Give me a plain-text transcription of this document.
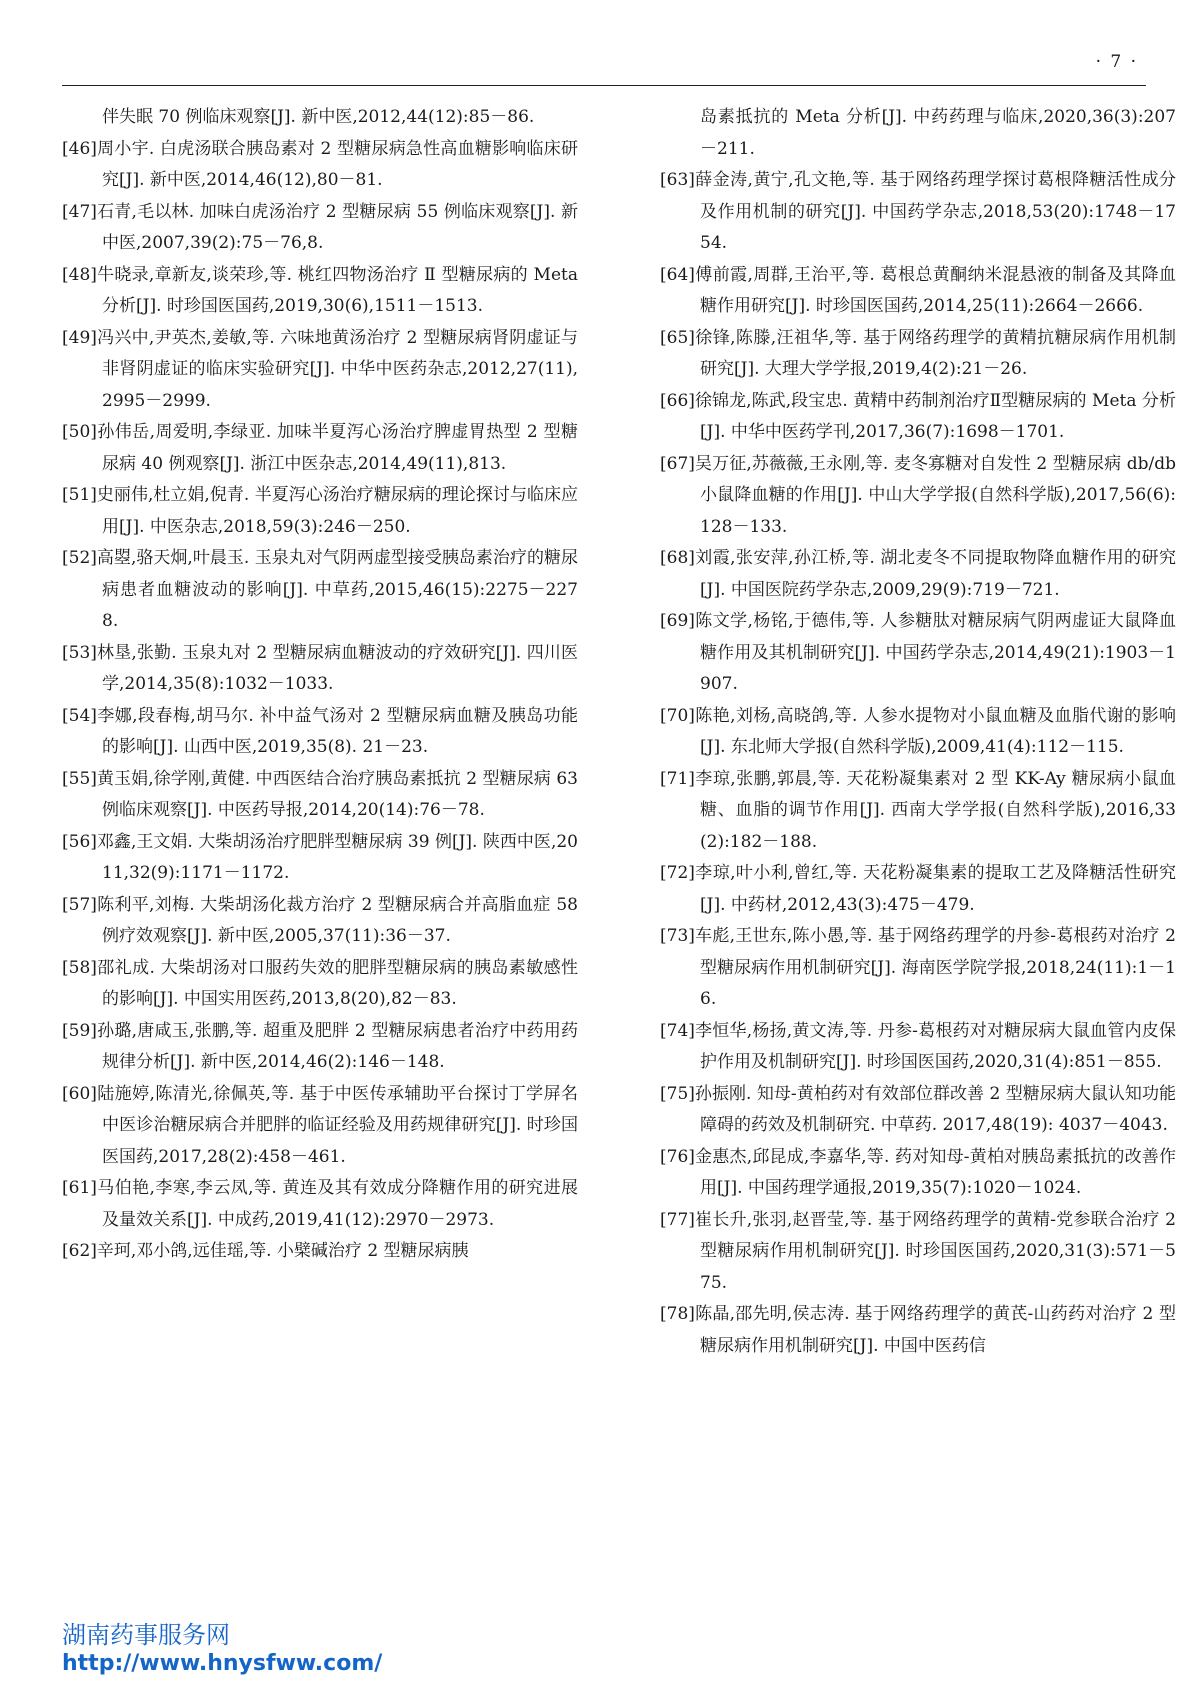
· 7 ·
伴失眠 70 例临床观察[J]. 新中医,2012,44(12):85－86.
[46]周小宇. 白虎汤联合胰岛素对 2 型糖尿病急性高血糖影响临床研究[J]. 新中医,2014,46(12),80－81.
[47]石青,毛以林. 加味白虎汤治疗 2 型糖尿病 55 例临床观察[J]. 新中医,2007,39(2):75－76,8.
[48]牛晓录,章新友,谈荣珍,等. 桃红四物汤治疗 Ⅱ 型糖尿病的 Meta 分析[J]. 时珍国医国药,2019,30(6),1511－1513.
[49]冯兴中,尹英杰,姜敏,等. 六味地黄汤治疗 2 型糖尿病肾阴虚证与非肾阴虚证的临床实验研究[J]. 中华中医药杂志,2012,27(11),2995－2999.
[50]孙伟岳,周爱明,李绿亚. 加味半夏泻心汤治疗脾虚胃热型 2 型糖尿病 40 例观察[J]. 浙江中医杂志,2014,49(11),813.
[51]史丽伟,杜立娟,倪青. 半夏泻心汤治疗糖尿病的理论探讨与临床应用[J]. 中医杂志,2018,59(3):246－250.
[52]高曌,骆天炯,叶晨玉. 玉泉丸对气阴两虚型接受胰岛素治疗的糖尿病患者血糖波动的影响[J]. 中草药,2015,46(15):2275－2278.
[53]林垦,张勤. 玉泉丸对 2 型糖尿病血糖波动的疗效研究[J]. 四川医学,2014,35(8):1032－1033.
[54]李娜,段春梅,胡马尔. 补中益气汤对 2 型糖尿病血糖及胰岛功能的影响[J]. 山西中医,2019,35(8). 21－23.
[55]黄玉娟,徐学刚,黄健. 中西医结合治疗胰岛素抵抗 2 型糖尿病 63 例临床观察[J]. 中医药导报,2014,20(14):76－78.
[56]邓鑫,王文娟. 大柴胡汤治疗肥胖型糖尿病 39 例[J]. 陕西中医,2011,32(9):1171－1172.
[57]陈利平,刘梅. 大柴胡汤化裁方治疗 2 型糖尿病合并高脂血症 58 例疗效观察[J]. 新中医,2005,37(11):36－37.
[58]邵礼成. 大柴胡汤对口服药失效的肥胖型糖尿病的胰岛素敏感性的影响[J]. 中国实用医药,2013,8(20),82－83.
[59]孙璐,唐咸玉,张鹏,等. 超重及肥胖 2 型糖尿病患者治疗中药用药规律分析[J]. 新中医,2014,46(2):146－148.
[60]陆施婷,陈清光,徐佩英,等. 基于中医传承辅助平台探讨丁学屏名中医诊治糖尿病合并肥胖的临证经验及用药规律研究[J]. 时珍国医国药,2017,28(2):458－461.
[61]马伯艳,李寒,李云凤,等. 黄连及其有效成分降糖作用的研究进展及量效关系[J]. 中成药,2019,41(12):2970－2973.
[62]辛珂,邓小鸽,远佳瑶,等. 小檗碱治疗 2 型糖尿病胰
岛素抵抗的 Meta 分析[J]. 中药药理与临床,2020,36(3):207－211.
[63]薛金涛,黄宁,孔文艳,等. 基于网络药理学探讨葛根降糖活性成分及作用机制的研究[J]. 中国药学杂志,2018,53(20):1748－1754.
[64]傅前霞,周群,王治平,等. 葛根总黄酮纳米混悬液的制备及其降血糖作用研究[J]. 时珍国医国药,2014,25(11):2664－2666.
[65]徐锋,陈滕,汪祖华,等. 基于网络药理学的黄精抗糖尿病作用机制研究[J]. 大理大学学报,2019,4(2):21－26.
[66]徐锦龙,陈武,段宝忠. 黄精中药制剂治疗Ⅱ型糖尿病的 Meta 分析[J]. 中华中医药学刊,2017,36(7):1698－1701.
[67]吴万征,苏薇薇,王永刚,等. 麦冬寡糖对自发性 2 型糖尿病 db/db 小鼠降血糖的作用[J]. 中山大学学报(自然科学版),2017,56(6):128－133.
[68]刘霞,张安萍,孙江桥,等. 湖北麦冬不同提取物降血糖作用的研究[J]. 中国医院药学杂志,2009,29(9):719－721.
[69]陈文学,杨铭,于德伟,等. 人参糖肽对糖尿病气阴两虚证大鼠降血糖作用及其机制研究[J]. 中国药学杂志,2014,49(21):1903－1907.
[70]陈艳,刘杨,高晓鸽,等. 人参水提物对小鼠血糖及血脂代谢的影响[J]. 东北师大学报(自然科学版),2009,41(4):112－115.
[71]李琼,张鹏,郭晨,等. 天花粉凝集素对 2 型 KK-Ay 糖尿病小鼠血糖、血脂的调节作用[J]. 西南大学学报(自然科学版),2016,33(2):182－188.
[72]李琼,叶小利,曾红,等. 天花粉凝集素的提取工艺及降糖活性研究[J]. 中药材,2012,43(3):475－479.
[73]车彪,王世东,陈小愚,等. 基于网络药理学的丹参-葛根药对治疗 2 型糖尿病作用机制研究[J]. 海南医学院学报,2018,24(11):1－16.
[74]李恒华,杨扬,黄文涛,等. 丹参-葛根药对对糖尿病大鼠血管内皮保护作用及机制研究[J]. 时珍国医国药,2020,31(4):851－855.
[75]孙振刚. 知母-黄柏药对有效部位群改善 2 型糖尿病大鼠认知功能障碍的药效及机制研究. 中草药. 2017,48(19): 4037－4043.
[76]金惠杰,邱昆成,李嘉华,等. 药对知母-黄柏对胰岛素抵抗的改善作用[J]. 中国药理学通报,2019,35(7):1020－1024.
[77]崔长升,张羽,赵晋莹,等. 基于网络药理学的黄精-党参联合治疗 2 型糖尿病作用机制研究[J]. 时珍国医国药,2020,31(3):571－575.
[78]陈晶,邵先明,侯志涛. 基于网络药理学的黄芪-山药药对治疗 2 型糖尿病作用机制研究[J]. 中国中医药信
湖南药事服务网
http://www.hnysfww.com/
